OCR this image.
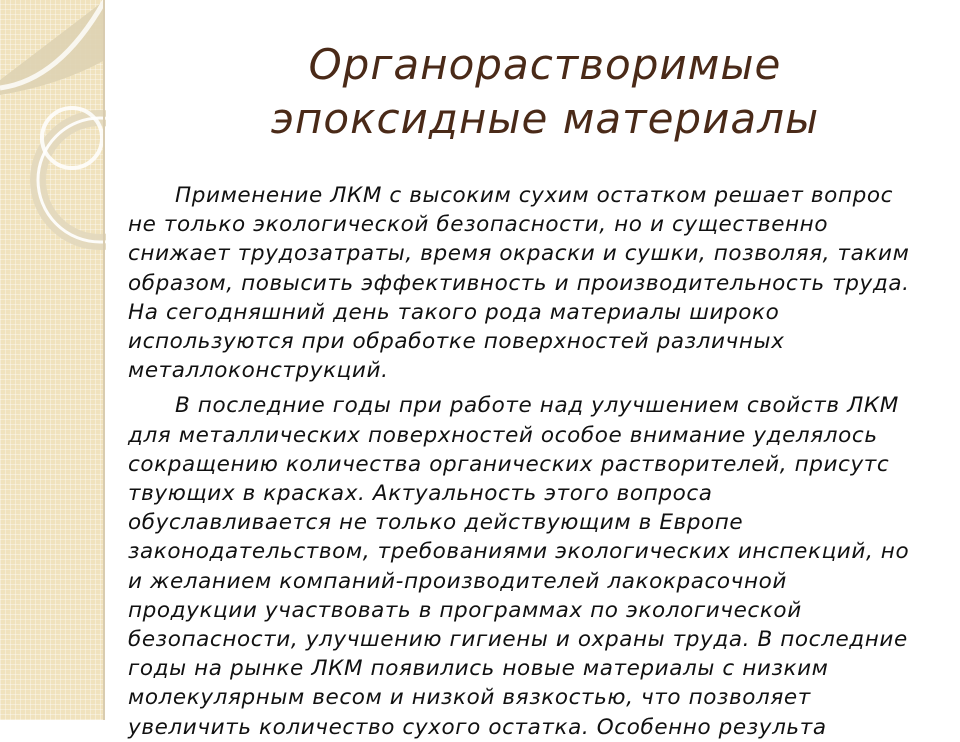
Органорастворимые
эпоксидные материалы
Применение ЛКМ с высоким сухим остатком решает вопрос
не только экологической безопасности, но и существенно
снижает трудозатраты, время окраски и сушки, позволяя, таким
образом, повысить эффективность и производительность труда.
На сегодняшний день такого рода материалы широко
используются при обработке поверхностей различных
металлоконструкций.
В последние годы при работе над улучшением свойств ЛКМ
для металлических поверхностей особое внимание уделялось
сокращению количества органических растворителей, присутс
твующих в красках. Актуальность этого вопроса
обуславливается не только действующим в Европе
законодательством, требованиями экологических инспекций, но
и желанием компаний-производителей лакокрасочной
продукции участвовать в программах по экологической
безопасности, улучшению гигиены и охраны труда. В последние
годы на рынке ЛКМ появились новые материалы с низким
молекулярным весом и низкой вязкостью, что позволяет
увеличить количество сухого остатка. Особенно результа
